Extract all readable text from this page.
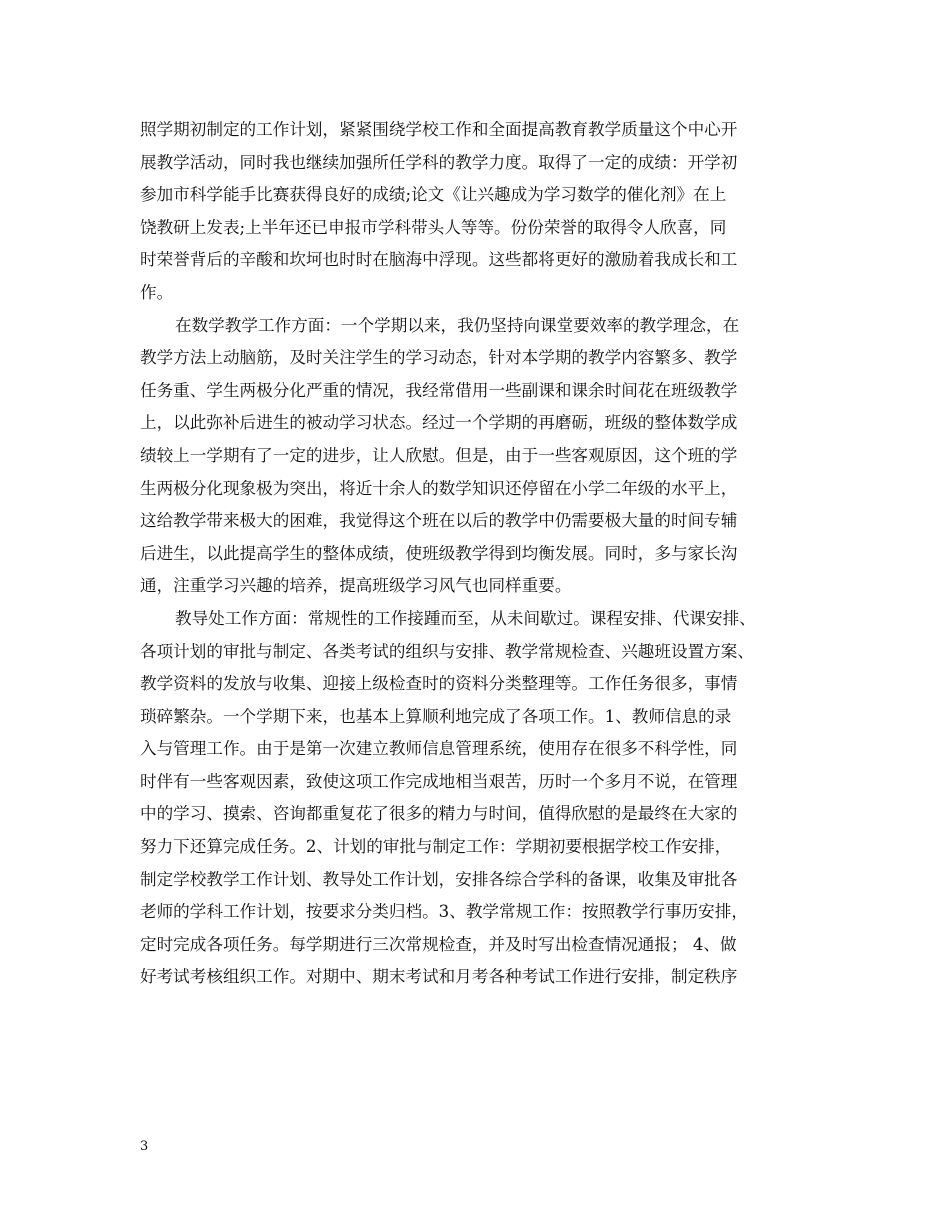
照学期初制定的工作计划，紧紧围绕学校工作和全面提高教育教学质量这个中心开
展教学活动，同时我也继续加强所任学科的教学力度。取得了一定的成绩：开学初
参加市科学能手比赛获得良好的成绩;论文《让兴趣成为学习数学的催化剂》在上
饶教研上发表;上半年还已申报市学科带头人等等。份份荣誉的取得令人欣喜，同
时荣誉背后的辛酸和坎坷也时时在脑海中浮现。这些都将更好的激励着我成长和工
作。
在数学教学工作方面：一个学期以来，我仍坚持向课堂要效率的教学理念，在
教学方法上动脑筋，及时关注学生的学习动态，针对本学期的教学内容繁多、教学
任务重、学生两极分化严重的情况，我经常借用一些副课和课余时间花在班级教学
上，以此弥补后进生的被动学习状态。经过一个学期的再磨砺，班级的整体数学成
绩较上一学期有了一定的进步，让人欣慰。但是，由于一些客观原因，这个班的学
生两极分化现象极为突出，将近十余人的数学知识还停留在小学二年级的水平上，
这给教学带来极大的困难，我觉得这个班在以后的教学中仍需要极大量的时间专辅
后进生，以此提高学生的整体成绩，使班级教学得到均衡发展。同时，多与家长沟
通，注重学习兴趣的培养，提高班级学习风气也同样重要。
教导处工作方面：常规性的工作接踵而至，从未间歇过。课程安排、代课安排、
各项计划的审批与制定、各类考试的组织与安排、教学常规检查、兴趣班设置方案、
教学资料的发放与收集、迎接上级检查时的资料分类整理等。工作任务很多，事情
琐碎繁杂。一个学期下来，也基本上算顺利地完成了各项工作。1、教师信息的录
入与管理工作。由于是第一次建立教师信息管理系统，使用存在很多不科学性，同
时伴有一些客观因素，致使这项工作完成地相当艰苦，历时一个多月不说，在管理
中的学习、摸索、咨询都重复花了很多的精力与时间，值得欣慰的是最终在大家的
努力下还算完成任务。2、计划的审批与制定工作：学期初要根据学校工作安排，
制定学校教学工作计划、教导处工作计划，安排各综合学科的备课，收集及审批各
老师的学科工作计划，按要求分类归档。3、教学常规工作：按照教学行事历安排，
定时完成各项任务。每学期进行三次常规检查，并及时写出检查情况通报； 4、做
好考试考核组织工作。对期中、期末考试和月考各种考试工作进行安排，制定秩序
3
